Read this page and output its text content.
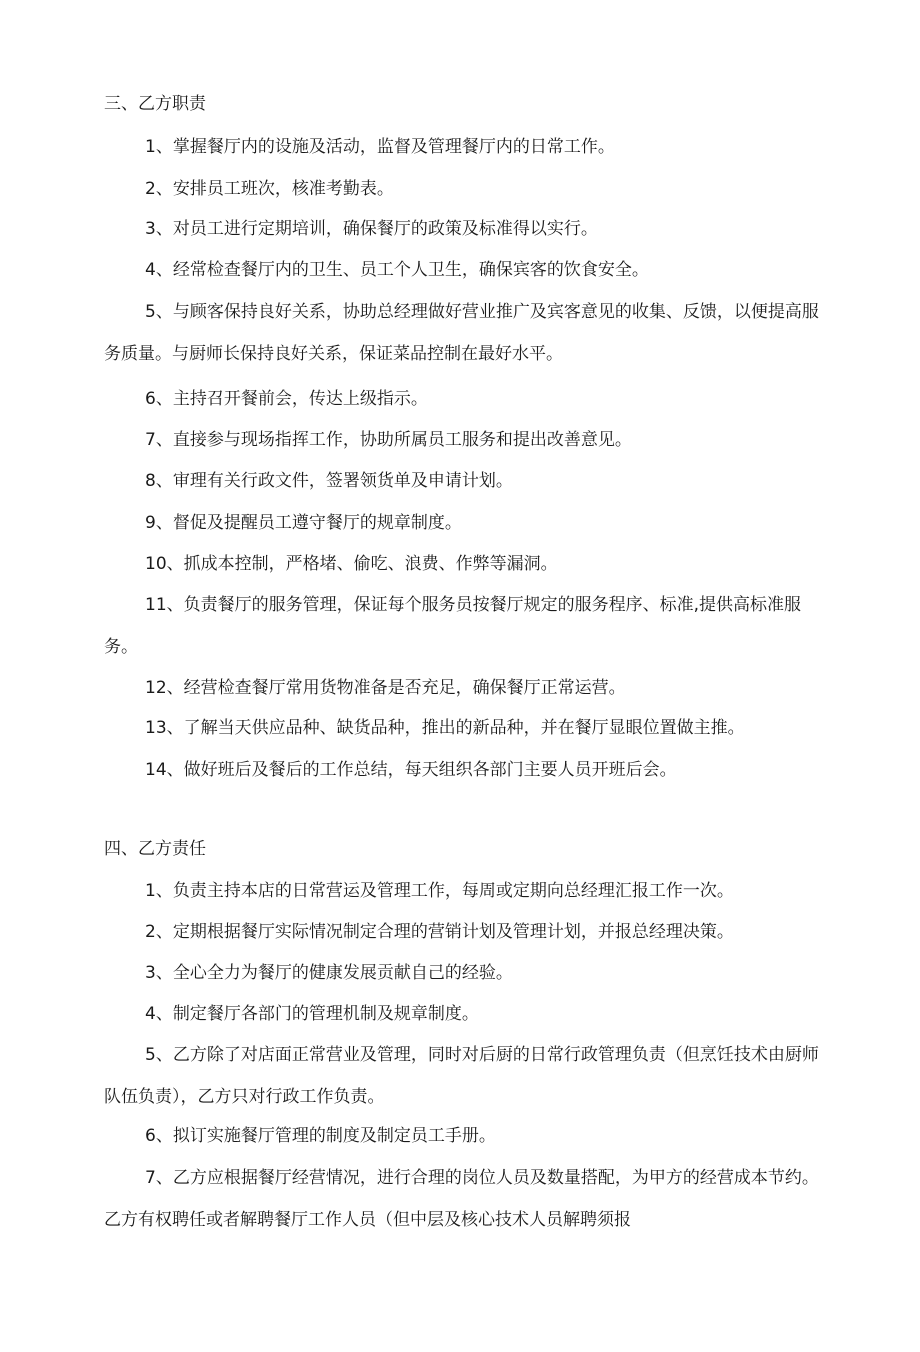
三、乙方职责
1、掌握餐厅内的设施及活动，监督及管理餐厅内的日常工作。
2、安排员工班次，核准考勤表。
3、对员工进行定期培训，确保餐厅的政策及标准得以实行。
4、经常检查餐厅内的卫生、员工个人卫生，确保宾客的饮食安全。
5、与顾客保持良好关系，协助总经理做好营业推广及宾客意见的收集、反馈，以便提高服务质量。与厨师长保持良好关系，保证菜品控制在最好水平。
6、主持召开餐前会，传达上级指示。
7、直接参与现场指挥工作，协助所属员工服务和提出改善意见。
8、审理有关行政文件，签署领货单及申请计划。
9、督促及提醒员工遵守餐厅的规章制度。
10、抓成本控制，严格堵、偷吃、浪费、作弊等漏洞。
11、负责餐厅的服务管理，保证每个服务员按餐厅规定的服务程序、标准,提供高标准服务。
12、经营检查餐厅常用货物准备是否充足，确保餐厅正常运营。
13、了解当天供应品种、缺货品种，推出的新品种，并在餐厅显眼位置做主推。
14、做好班后及餐后的工作总结，每天组织各部门主要人员开班后会。
四、乙方责任
1、负责主持本店的日常营运及管理工作，每周或定期向总经理汇报工作一次。
2、定期根据餐厅实际情况制定合理的营销计划及管理计划，并报总经理决策。
3、全心全力为餐厅的健康发展贡献自己的经验。
4、制定餐厅各部门的管理机制及规章制度。
5、乙方除了对店面正常营业及管理，同时对后厨的日常行政管理负责（但烹饪技术由厨师队伍负责），乙方只对行政工作负责。
6、拟订实施餐厅管理的制度及制定员工手册。
7、乙方应根据餐厅经营情况，进行合理的岗位人员及数量搭配，为甲方的经营成本节约。乙方有权聘任或者解聘餐厅工作人员（但中层及核心技术人员解聘须报
